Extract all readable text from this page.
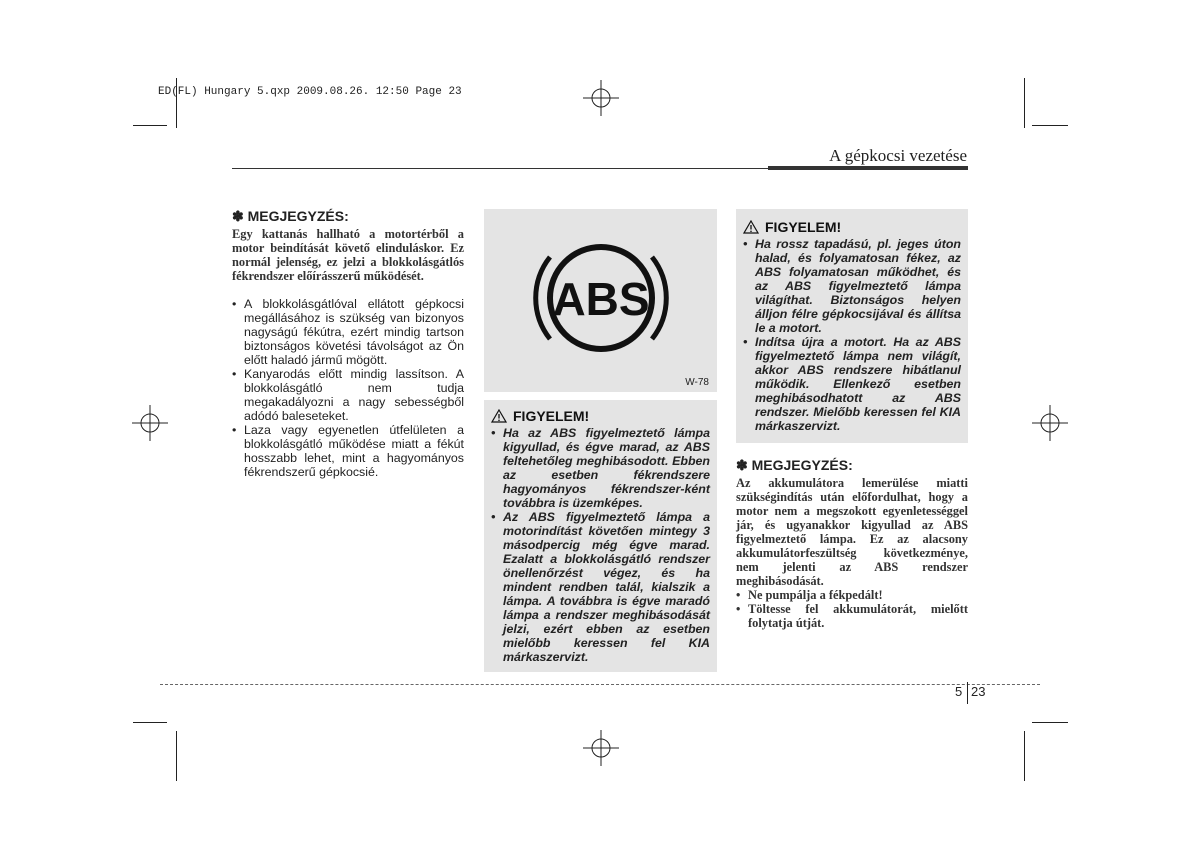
ED(FL) Hungary 5.qxp 2009.08.26. 12:50 Page 23
A gépkocsi vezetése
✽ MEGJEGYZÉS:
Egy kattanás hallható a motortérből a motor beindítását követő elinduláskor. Ez normál jelenség, ez jelzi a blokkolásgátlós fékrendszer előírásszerű működését.
• A blokkolásgátlóval ellátott gépkocsi megállásához is szükség van bizonyos nagyságú fékútra, ezért mindig tartson biztonságos követési távolságot az Ön előtt haladó jármű mögött.
• Kanyarodás előtt mindig lassítson. A blokkolásgátló nem tudja megakadályozni a nagy sebességből adódó baleseteket.
• Laza vagy egyenetlen útfelületen a blokkolásgátló működése miatt a fékút hosszabb lehet, mint a hagyományos fékrendszerű gépkocsié.
ABS
W-78
FIGYELEM!
• Ha az ABS figyelmeztető lámpa kigyullad, és égve marad, az ABS feltehetőleg meghibásodott. Ebben az esetben fékrendszere hagyományos fékrendszer-ként továbbra is üzemképes.
• Az ABS figyelmeztető lámpa a motorindítást követően mintegy 3 másodpercig még égve marad. Ezalatt a blokkolásgátló rendszer önellenőrzést végez, és ha mindent rendben talál, kialszik a lámpa. A továbbra is égve maradó lámpa a rendszer meghibásodását jelzi, ezért ebben az esetben mielőbb keressen fel KIA márkaszervizt.
FIGYELEM!
• Ha rossz tapadású, pl. jeges úton halad, és folyamatosan fékez, az ABS folyamatosan működhet, és az ABS figyelmeztető lámpa világíthat. Biztonságos helyen álljon félre gépkocsijával és állítsa le a motort.
• Indítsa újra a motort. Ha az ABS figyelmeztető lámpa nem világít, akkor ABS rendszere hibátlanul működik. Ellenkező esetben meghibásodhatott az ABS rendszer. Mielőbb keressen fel KIA márkaszervizt.
✽ MEGJEGYZÉS:
Az akkumulátora lemerülése miatti szükségindítás után előfordulhat, hogy a motor nem a megszokott egyenletességgel jár, és ugyanakkor kigyullad az ABS figyelmeztető lámpa. Ez az alacsony akkumulátorfeszültség következménye, nem jelenti az ABS rendszer meghibásodását.
• Ne pumpálja a fékpedált!
• Töltesse fel akkumulátorát, mielőtt folytatja útját.
5 23
